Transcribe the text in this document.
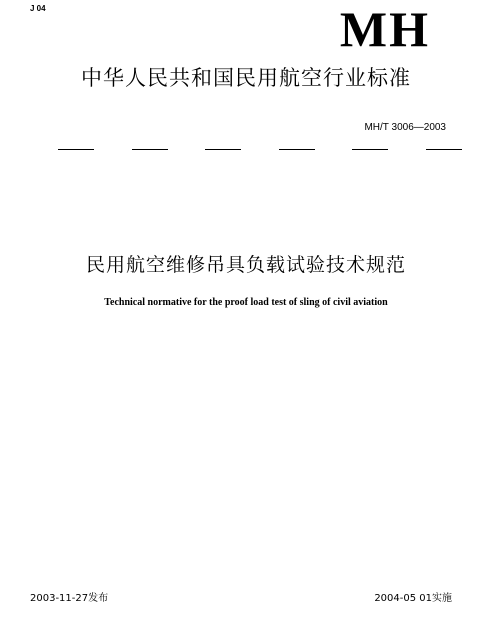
J 04	MH
中华人民共和国民用航空行业标准
MH/T 3006—2003
民用航空维修吊具负载试验技术规范
Technical normative for the proof load test of sling of civil aviation
2003-11-27发布	2004-05 01实施
